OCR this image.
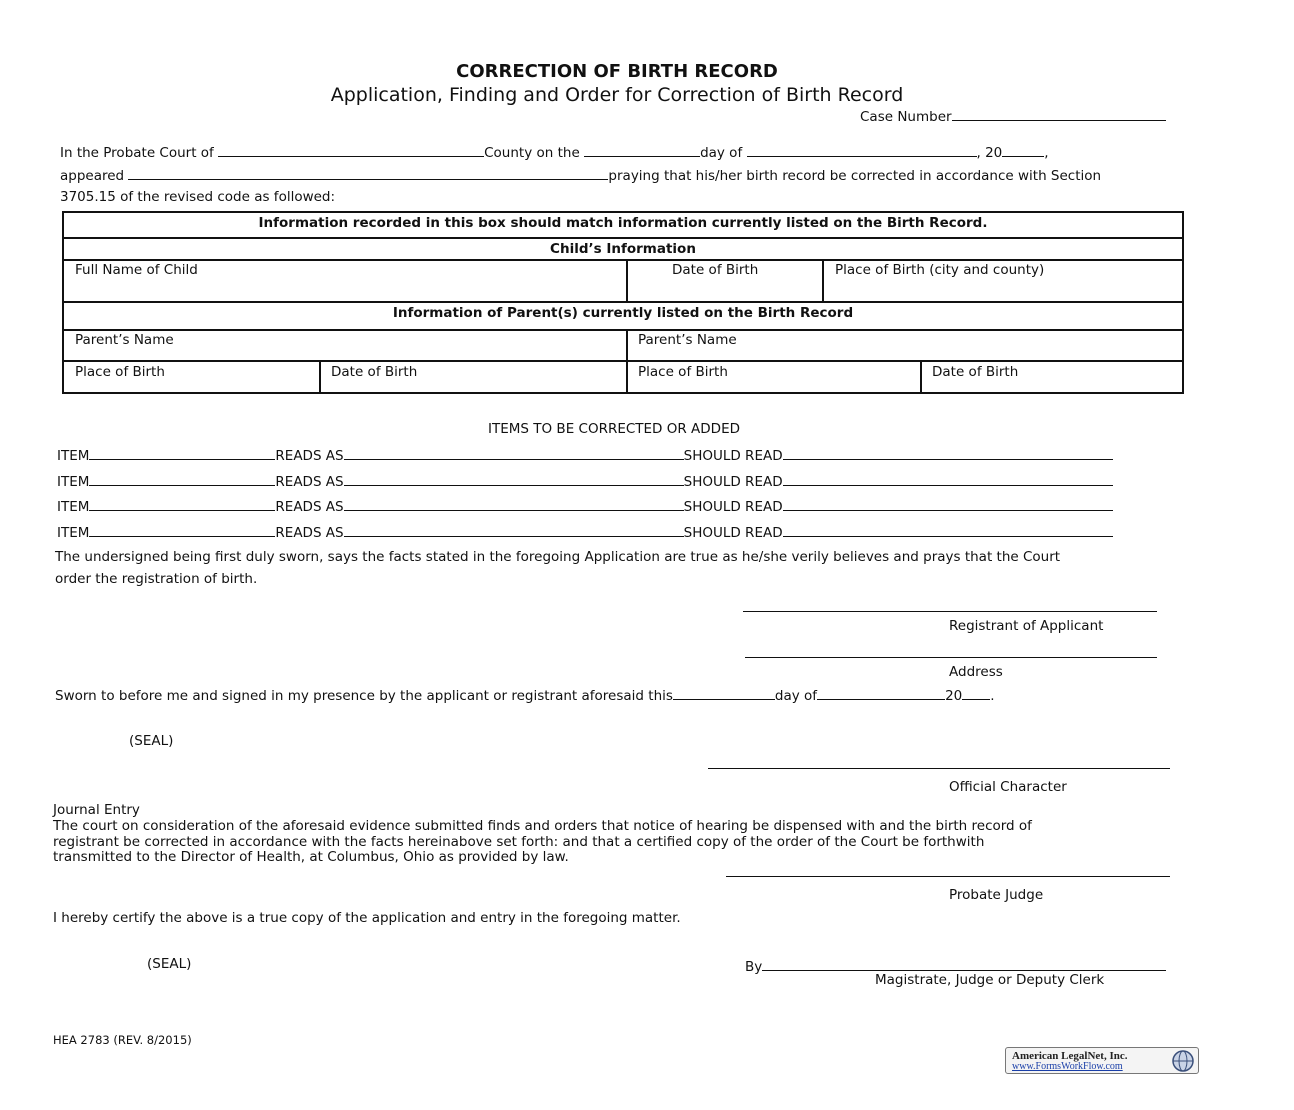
CORRECTION OF BIRTH RECORD
Application, Finding and Order for Correction of Birth Record
Case Number
In the Probate Court of	County on the	day of	, 20	,
appeared	praying that his/her birth record be corrected in accordance with Section
3705.15 of the revised code as followed:
Information recorded in this box should match information currently listed on the Birth Record.
Child’s Information
Full Name of Child	Date of Birth	Place of Birth (city and county)
Information of Parent(s) currently listed on the Birth Record
Parent’s Name	Parent’s Name
Place of Birth	Date of Birth	Place of Birth	Date of Birth
ITEMS TO BE CORRECTED OR ADDED
ITEM	READS AS	SHOULD READ
ITEM	READS AS	SHOULD READ
ITEM	READS AS	SHOULD READ
ITEM	READS AS	SHOULD READ
The undersigned being first duly sworn, says the facts stated in the foregoing Application are true as he/she verily believes and prays that the Court
order the registration of birth.
Registrant of Applicant
Address
Sworn to before me and signed in my presence by the applicant or registrant aforesaid this	day of	20 .
(SEAL)
Official Character
Journal Entry
The court on consideration of the aforesaid evidence submitted finds and orders that notice of hearing be dispensed with and the birth record of
registrant be corrected in accordance with the facts hereinabove set forth: and that a certified copy of the order of the Court be forthwith
transmitted to the Director of Health, at Columbus, Ohio as provided by law.
Probate Judge
I hereby certify the above is a true copy of the application and entry in the foregoing matter.
(SEAL)	By
Magistrate, Judge or Deputy Clerk
HEA 2783 (REV. 8/2015)
American LegalNet, Inc.
www.FormsWorkFlow.com
